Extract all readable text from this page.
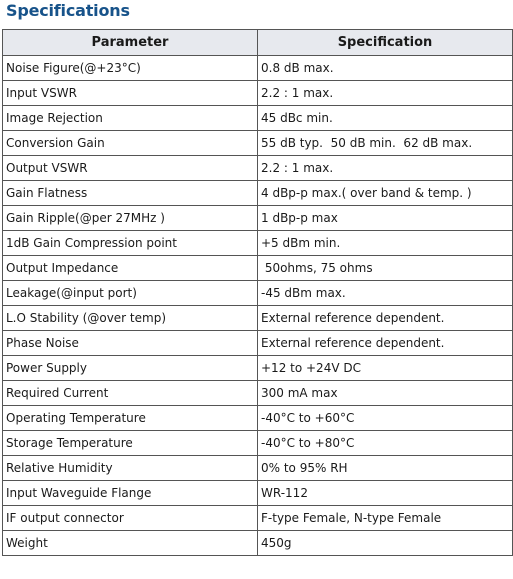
Specifications
Parameter	Specification
Noise Figure(@+23°C)	0.8 dB max.
Input VSWR	2.2 : 1 max.
Image Rejection	45 dBc min.
Conversion Gain	55 dB typ.  50 dB min.  62 dB max.
Output VSWR	2.2 : 1 max.
Gain Flatness	4 dBp-p max.( over band & temp. )
Gain Ripple(@per 27MHz )	1 dBp-p max
1dB Gain Compression point	+5 dBm min.
Output Impedance	50ohms, 75 ohms
Leakage(@input port)	-45 dBm max.
L.O Stability (@over temp)	External reference dependent.
Phase Noise	External reference dependent.
Power Supply	+12 to +24V DC
Required Current	300 mA max
Operating Temperature	-40°C to +60°C
Storage Temperature	-40°C to +80°C
Relative Humidity	0% to 95% RH
Input Waveguide Flange	WR-112
IF output connector	F-type Female, N-type Female
Weight	450g
